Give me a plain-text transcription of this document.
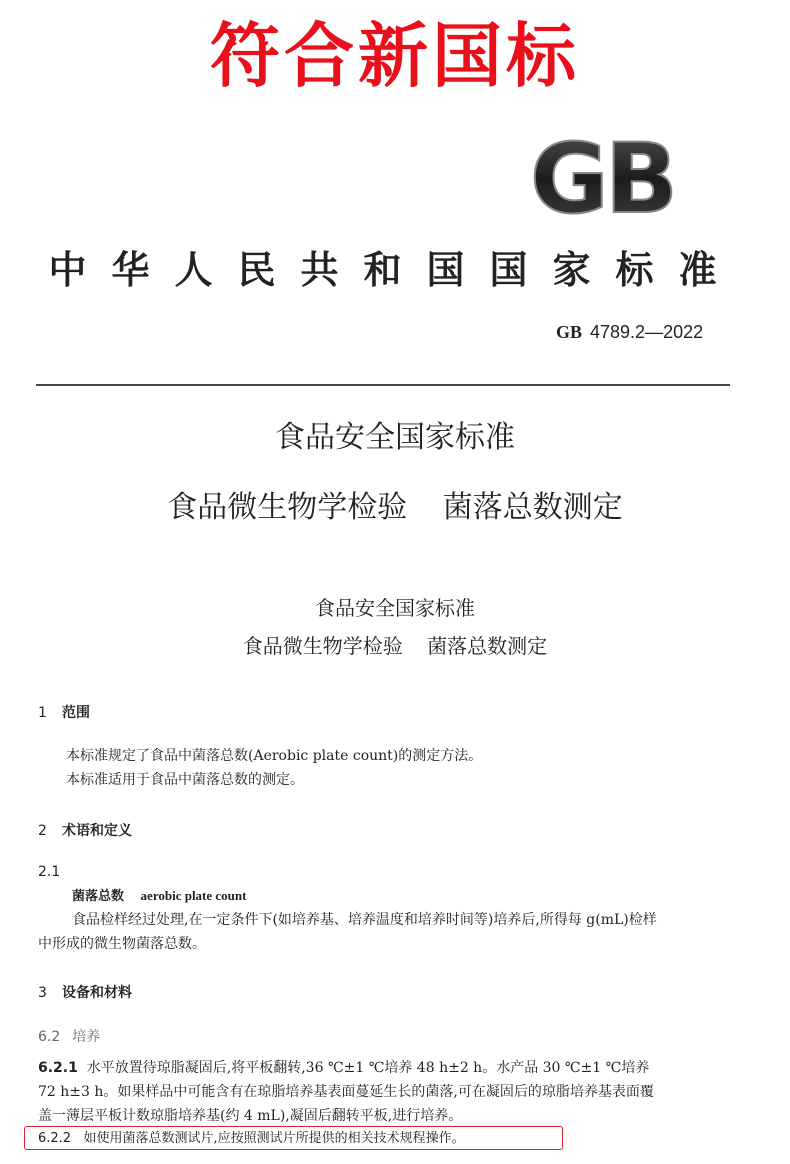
符合新国标
GB
中 华 人 民 共 和 国 国 家 标 准
GB 4789.2—2022
食品安全国家标准
食品微生物学检验 菌落总数测定
食品安全国家标准
食品微生物学检验 菌落总数测定
1 范围
本标准规定了食品中菌落总数(Aerobic plate count)的测定方法。
本标准适用于食品中菌落总数的测定。
2 术语和定义
2.1
菌落总数 aerobic plate count
食品检样经过处理,在一定条件下(如培养基、培养温度和培养时间等)培养后,所得每 g(mL)检样
中形成的微生物菌落总数。
3 设备和材料
6.2 培养
6.2.1 水平放置待琼脂凝固后,将平板翻转,36 ℃±1 ℃培养 48 h±2 h。水产品 30 ℃±1 ℃培养
72 h±3 h。如果样品中可能含有在琼脂培养基表面蔓延生长的菌落,可在凝固后的琼脂培养基表面覆
盖一薄层平板计数琼脂培养基(约 4 mL),凝固后翻转平板,进行培养。
6.2.2 如使用菌落总数测试片,应按照测试片所提供的相关技术规程操作。
